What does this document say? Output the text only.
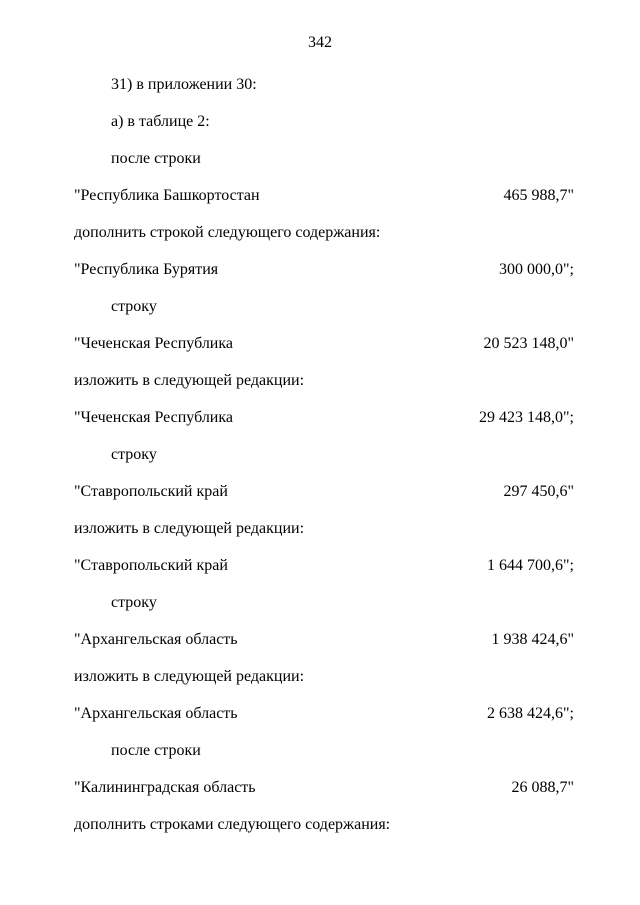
342
31) в приложении 30:
а) в таблице 2:
после строки
"Республика Башкортостан	465 988,7"
дополнить строкой следующего содержания:
"Республика Бурятия	300 000,0";
строку
"Чеченская Республика	20 523 148,0"
изложить в следующей редакции:
"Чеченская Республика	29 423 148,0";
строку
"Ставропольский край	297 450,6"
изложить в следующей редакции:
"Ставропольский край	1 644 700,6";
строку
"Архангельская область	1 938 424,6"
изложить в следующей редакции:
"Архангельская область	2 638 424,6";
после строки
"Калининградская область	26 088,7"
дополнить строками следующего содержания:
